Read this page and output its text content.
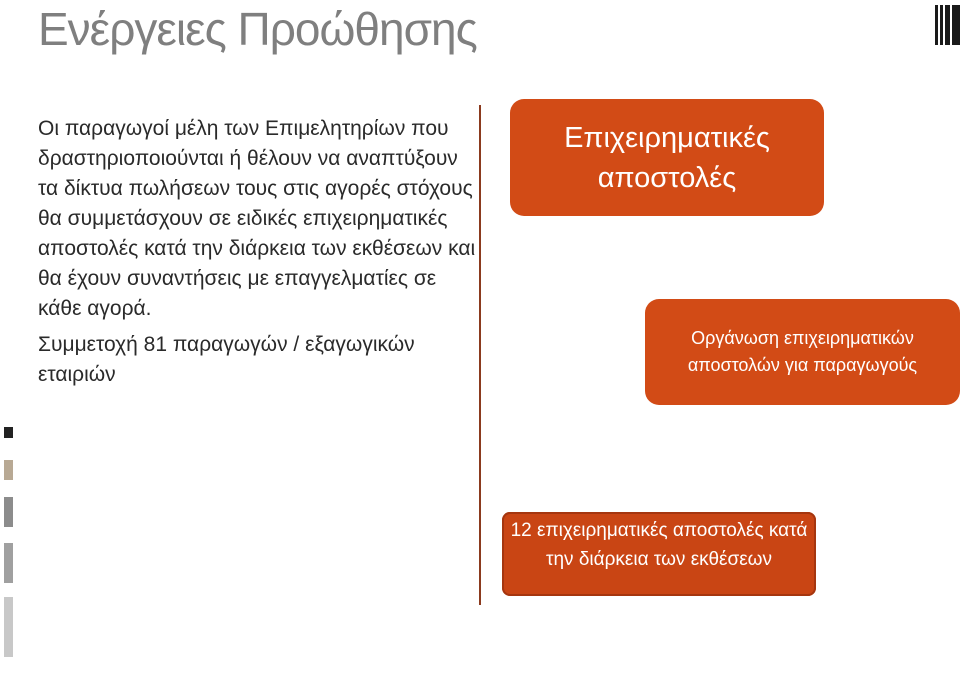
Ενέργειες Προώθησης

Οι παραγωγοί μέλη των Επιμελητηρίων που δραστηριοποιούνται ή θέλουν να αναπτύξουν τα δίκτυα πωλήσεων τους στις αγορές στόχους θα συμμετάσχουν σε ειδικές επιχειρηματικές αποστολές κατά την διάρκεια των εκθέσεων και θα έχουν συναντήσεις με επαγγελματίες σε κάθε αγορά.

Συμμετοχή 81 παραγωγών / εξαγωγικών εταιριών

Επιχειρηματικές αποστολές
Οργάνωση επιχειρηματικών αποστολών για παραγωγούς
12 επιχειρηματικές αποστολές κατά την διάρκεια των εκθέσεων
